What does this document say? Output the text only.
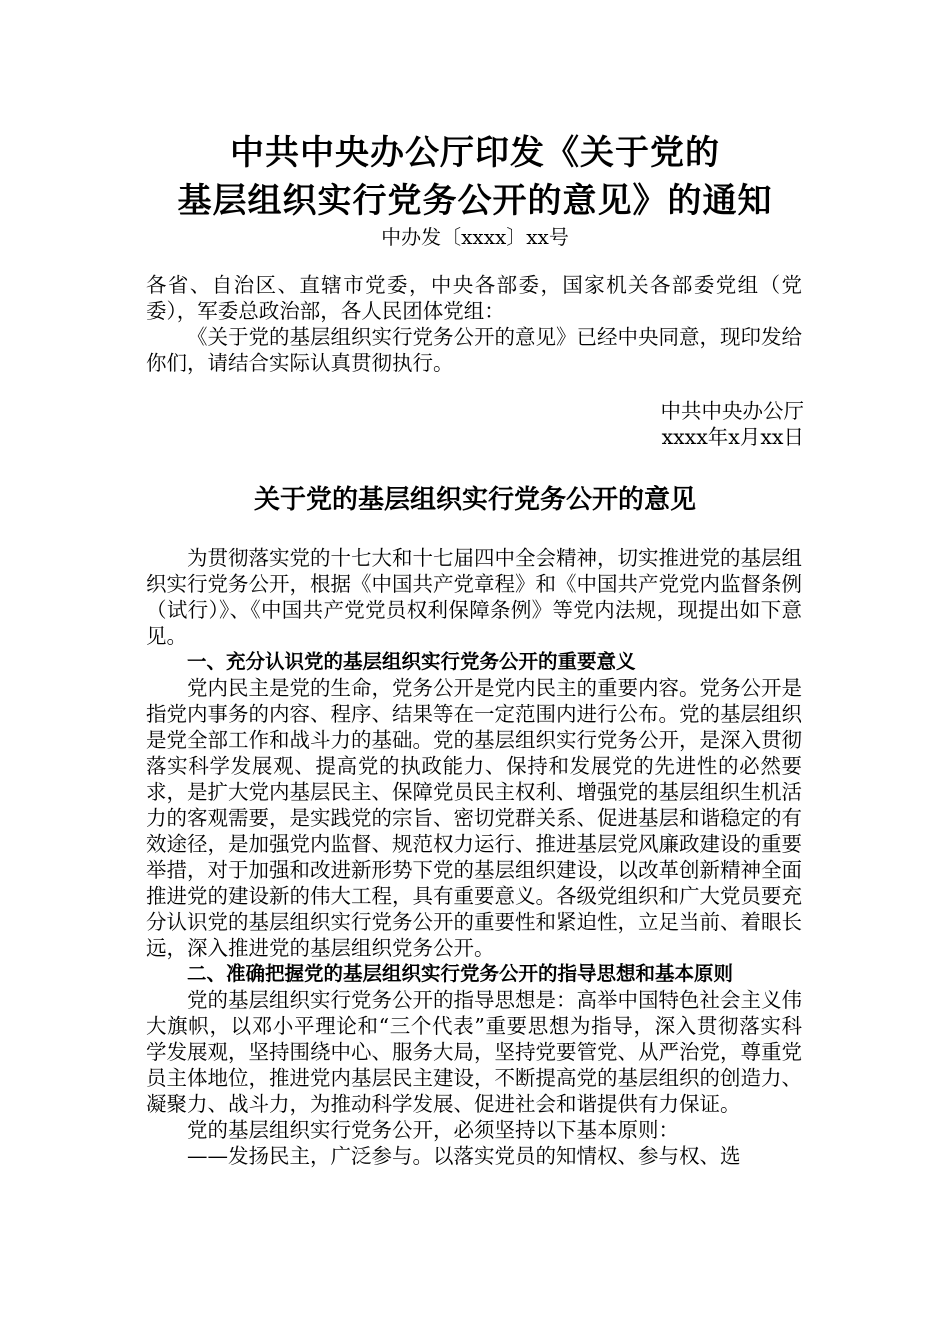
中共中央办公厅印发《关于党的
基层组织实行党务公开的意见》的通知
中办发〔xxxx〕xx号

各省、自治区、直辖市党委，中央各部委，国家机关各部委党组（党委），军委总政治部，各人民团体党组：

《关于党的基层组织实行党务公开的意见》已经中央同意，现印发给你们，请结合实际认真贯彻执行。

中共中央办公厅
xxxx年x月xx日
关于党的基层组织实行党务公开的意见

为贯彻落实党的十七大和十七届四中全会精神，切实推进党的基层组织实行党务公开，根据《中国共产党章程》和《中国共产党党内监督条例（试行）》、《中国共产党党员权利保障条例》等党内法规，现提出如下意见。

一、充分认识党的基层组织实行党务公开的重要意义

党内民主是党的生命，党务公开是党内民主的重要内容。党务公开是指党内事务的内容、程序、结果等在一定范围内进行公布。党的基层组织是党全部工作和战斗力的基础。党的基层组织实行党务公开，是深入贯彻落实科学发展观、提高党的执政能力、保持和发展党的先进性的必然要求，是扩大党内基层民主、保障党员民主权利、增强党的基层组织生机活力的客观需要，是实践党的宗旨、密切党群关系、促进基层和谐稳定的有效途径，是加强党内监督、规范权力运行、推进基层党风廉政建设的重要举措，对于加强和改进新形势下党的基层组织建设，以改革创新精神全面推进党的建设新的伟大工程，具有重要意义。各级党组织和广大党员要充分认识党的基层组织实行党务公开的重要性和紧迫性，立足当前、着眼长远，深入推进党的基层组织党务公开。

二、准确把握党的基层组织实行党务公开的指导思想和基本原则

党的基层组织实行党务公开的指导思想是：高举中国特色社会主义伟大旗帜，以邓小平理论和“三个代表”重要思想为指导，深入贯彻落实科学发展观，坚持围绕中心、服务大局，坚持党要管党、从严治党，尊重党员主体地位，推进党内基层民主建设，不断提高党的基层组织的创造力、凝聚力、战斗力，为推动科学发展、促进社会和谐提供有力保证。

党的基层组织实行党务公开，必须坚持以下基本原则：

——发扬民主，广泛参与。以落实党员的知情权、参与权、选
